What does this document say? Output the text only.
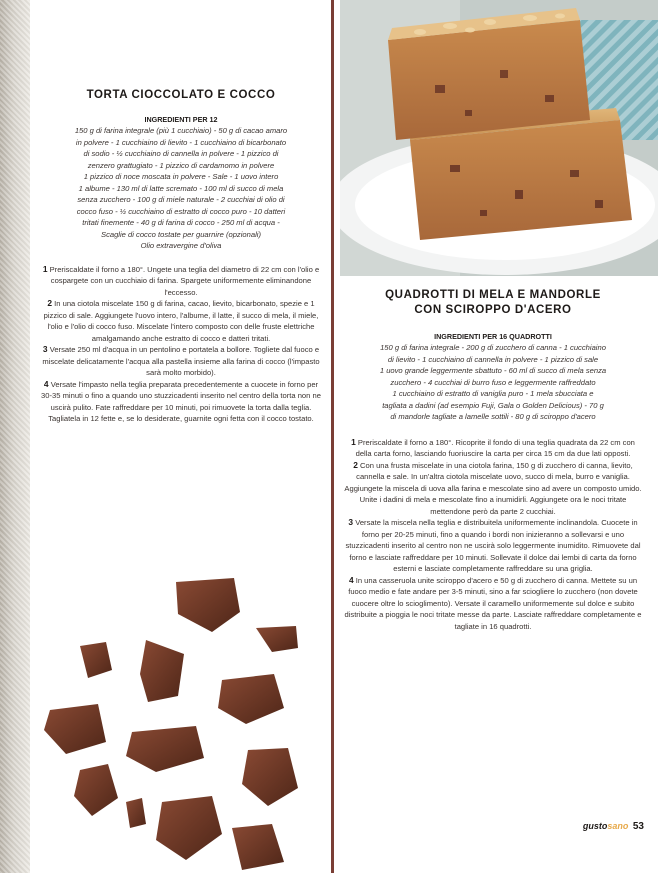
TORTA CIOCCOLATO E COCCO
INGREDIENTI PER 12
150 g di farina integrale (più 1 cucchiaio) - 50 g di cacao amaro
in polvere - 1 cucchiaino di lievito - 1 cucchiaino di bicarbonato
di sodio - ½ cucchiaino di cannella in polvere - 1 pizzico di
zenzero grattugiato - 1 pizzico di cardamomo in polvere
1 pizzico di noce moscata in polvere - Sale - 1 uovo intero
1 albume - 130 ml di latte scremato - 100 ml di succo di mela
senza zucchero - 100 g di miele naturale - 2 cucchiai di olio di
cocco fuso - ½ cucchiaino di estratto di cocco puro - 10 datteri
tritati finemente - 40 g di farina di cocco - 250 ml di acqua -
Scaglie di cocco tostate per guarnire (opzionali)
Olio extravergine d'oliva

1 Preriscaldate il forno a 180°. Ungete una teglia del diametro di 22 cm con l'olio e cospargete con un cucchiaio di farina. Spargete uniformemente eliminandone l'eccesso.

2 In una ciotola miscelate 150 g di farina, cacao, lievito, bicarbonato, spezie e 1 pizzico di sale. Aggiungete l'uovo intero, l'albume, il latte, il succo di mela, il miele, l'olio e l'olio di cocco fuso. Miscelate l'intero composto con delle fruste elettriche amalgamando anche estratto di cocco e datteri tritati.

3 Versate 250 ml d'acqua in un pentolino e portatela a bollore. Togliete dal fuoco e miscelate delicatamente l'acqua alla pastella insieme alla farina di cocco (l'impasto sarà molto morbido).

4 Versate l'impasto nella teglia preparata precedentemente a cuocete in forno per 30-35 minuti o fino a quando uno stuzzicadenti inserito nel centro della torta non ne uscirà pulito. Fate raffreddare per 10 minuti, poi rimuovete la torta dalla teglia. Tagliatela in 12 fette e, se lo desiderate, guarnite ogni fetta con il cocco tostato.

QUADROTTI DI MELA E MANDORLE
CON SCIROPPO D'ACERO
INGREDIENTI PER 16 QUADROTTI
150 g di farina integrale - 200 g di zucchero di canna - 1 cucchiaino
di lievito - 1 cucchiaino di cannella in polvere - 1 pizzico di sale
1 uovo grande leggermente sbattuto - 60 ml di succo di mela senza
zucchero - 4 cucchiai di burro fuso e leggermente raffreddato
1 cucchiaino di estratto di vaniglia puro - 1 mela sbucciata e
tagliata a dadini (ad esempio Fuji, Gala o Golden Delicious) - 70 g
di mandorle tagliate a lamelle sottili - 80 g di sciroppo d'acero

1 Preriscaldate il forno a 180°. Ricoprite il fondo di una teglia quadrata da 22 cm con della carta forno, lasciando fuoriuscire la carta per circa 15 cm da due lati opposti.

2 Con una frusta miscelate in una ciotola farina, 150 g di zucchero di canna, lievito, cannella e sale. In un'altra ciotola miscelate uovo, succo di mela, burro e vaniglia. Aggiungete la miscela di uova alla farina e mescolate sino ad avere un composto umido. Unite i dadini di mela e mescolate fino a inumidirli. Aggiungete ora le noci tritate mettendone però da parte 2 cucchiai.

3 Versate la miscela nella teglia e distribuitela uniformemente inclinandola. Cuocete in forno per 20-25 minuti, fino a quando i bordi non inizieranno a sollevarsi e uno stuzzicadenti inserito al centro non ne uscirà solo leggermente inumidito. Rimuovete dal forno e lasciate raffreddare per 10 minuti. Sollevate il dolce dai lembi di carta da forno esterni e lasciate completamente raffreddare su una griglia.

4 In una casseruola unite sciroppo d'acero e 50 g di zucchero di canna. Mettete su un fuoco medio e fate andare per 3-5 minuti, sino a far sciogliere lo zucchero (non dovete cuocere oltre lo scioglimento). Versate il caramello uniformemente sul dolce e subito distribuite a pioggia le noci tritate messe da parte. Lasciate raffreddare completamente e tagliate in 16 quadrotti.

gustosano 53
